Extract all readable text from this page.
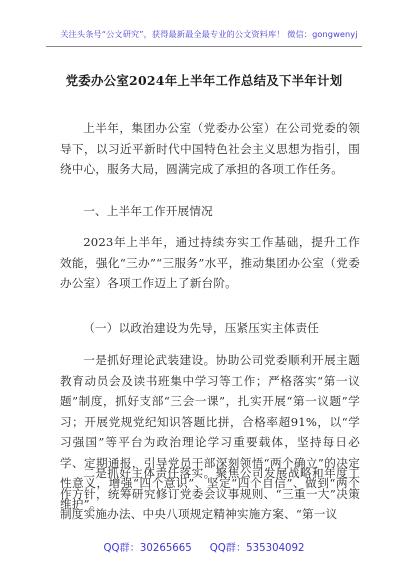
关注头条号“公文研究”，获得最新最全最专业的公文资料库！ 微信：gongwenyj
党委办公室2024年上半年工作总结及下半年计划

上半年，集团办公室（党委办公室）在公司党委的领导下，以习近平新时代中国特色社会主义思想为指引，围绕中心，服务大局，圆满完成了承担的各项工作任务。

一、上半年工作开展情况

2023年上半年，通过持续夯实工作基础，提升工作效能，强化“三办”“三服务”水平，推动集团办公室（党委办公室）各项工作迈上了新台阶。

（一）以政治建设为先导，压紧压实主体责任

一是抓好理论武装建设。协助公司党委顺利开展主题教育动员会及读书班集中学习等工作；严格落实“第一议题”制度，抓好支部“三会一课”，扎实开展“第一议题”学习；开展党规党纪知识答题比拼，合格率超91%，以“学习强国”等平台为政治理论学习重要载体，坚持每日必学、定期通报，引导党员干部深刻领悟“两个确立”的决定性意义，增强“四个意识”、坚定“四个自信”、做到“两个维护”。

二是抓好主体责任落实。聚焦公司发展战略和年度工作方针，统筹研究修订党委会议事规则、“三重一大”决策制度实施办法、中央八项规定精神实施方案、“第一议

QQ群：30265665 QQ群：535304092
